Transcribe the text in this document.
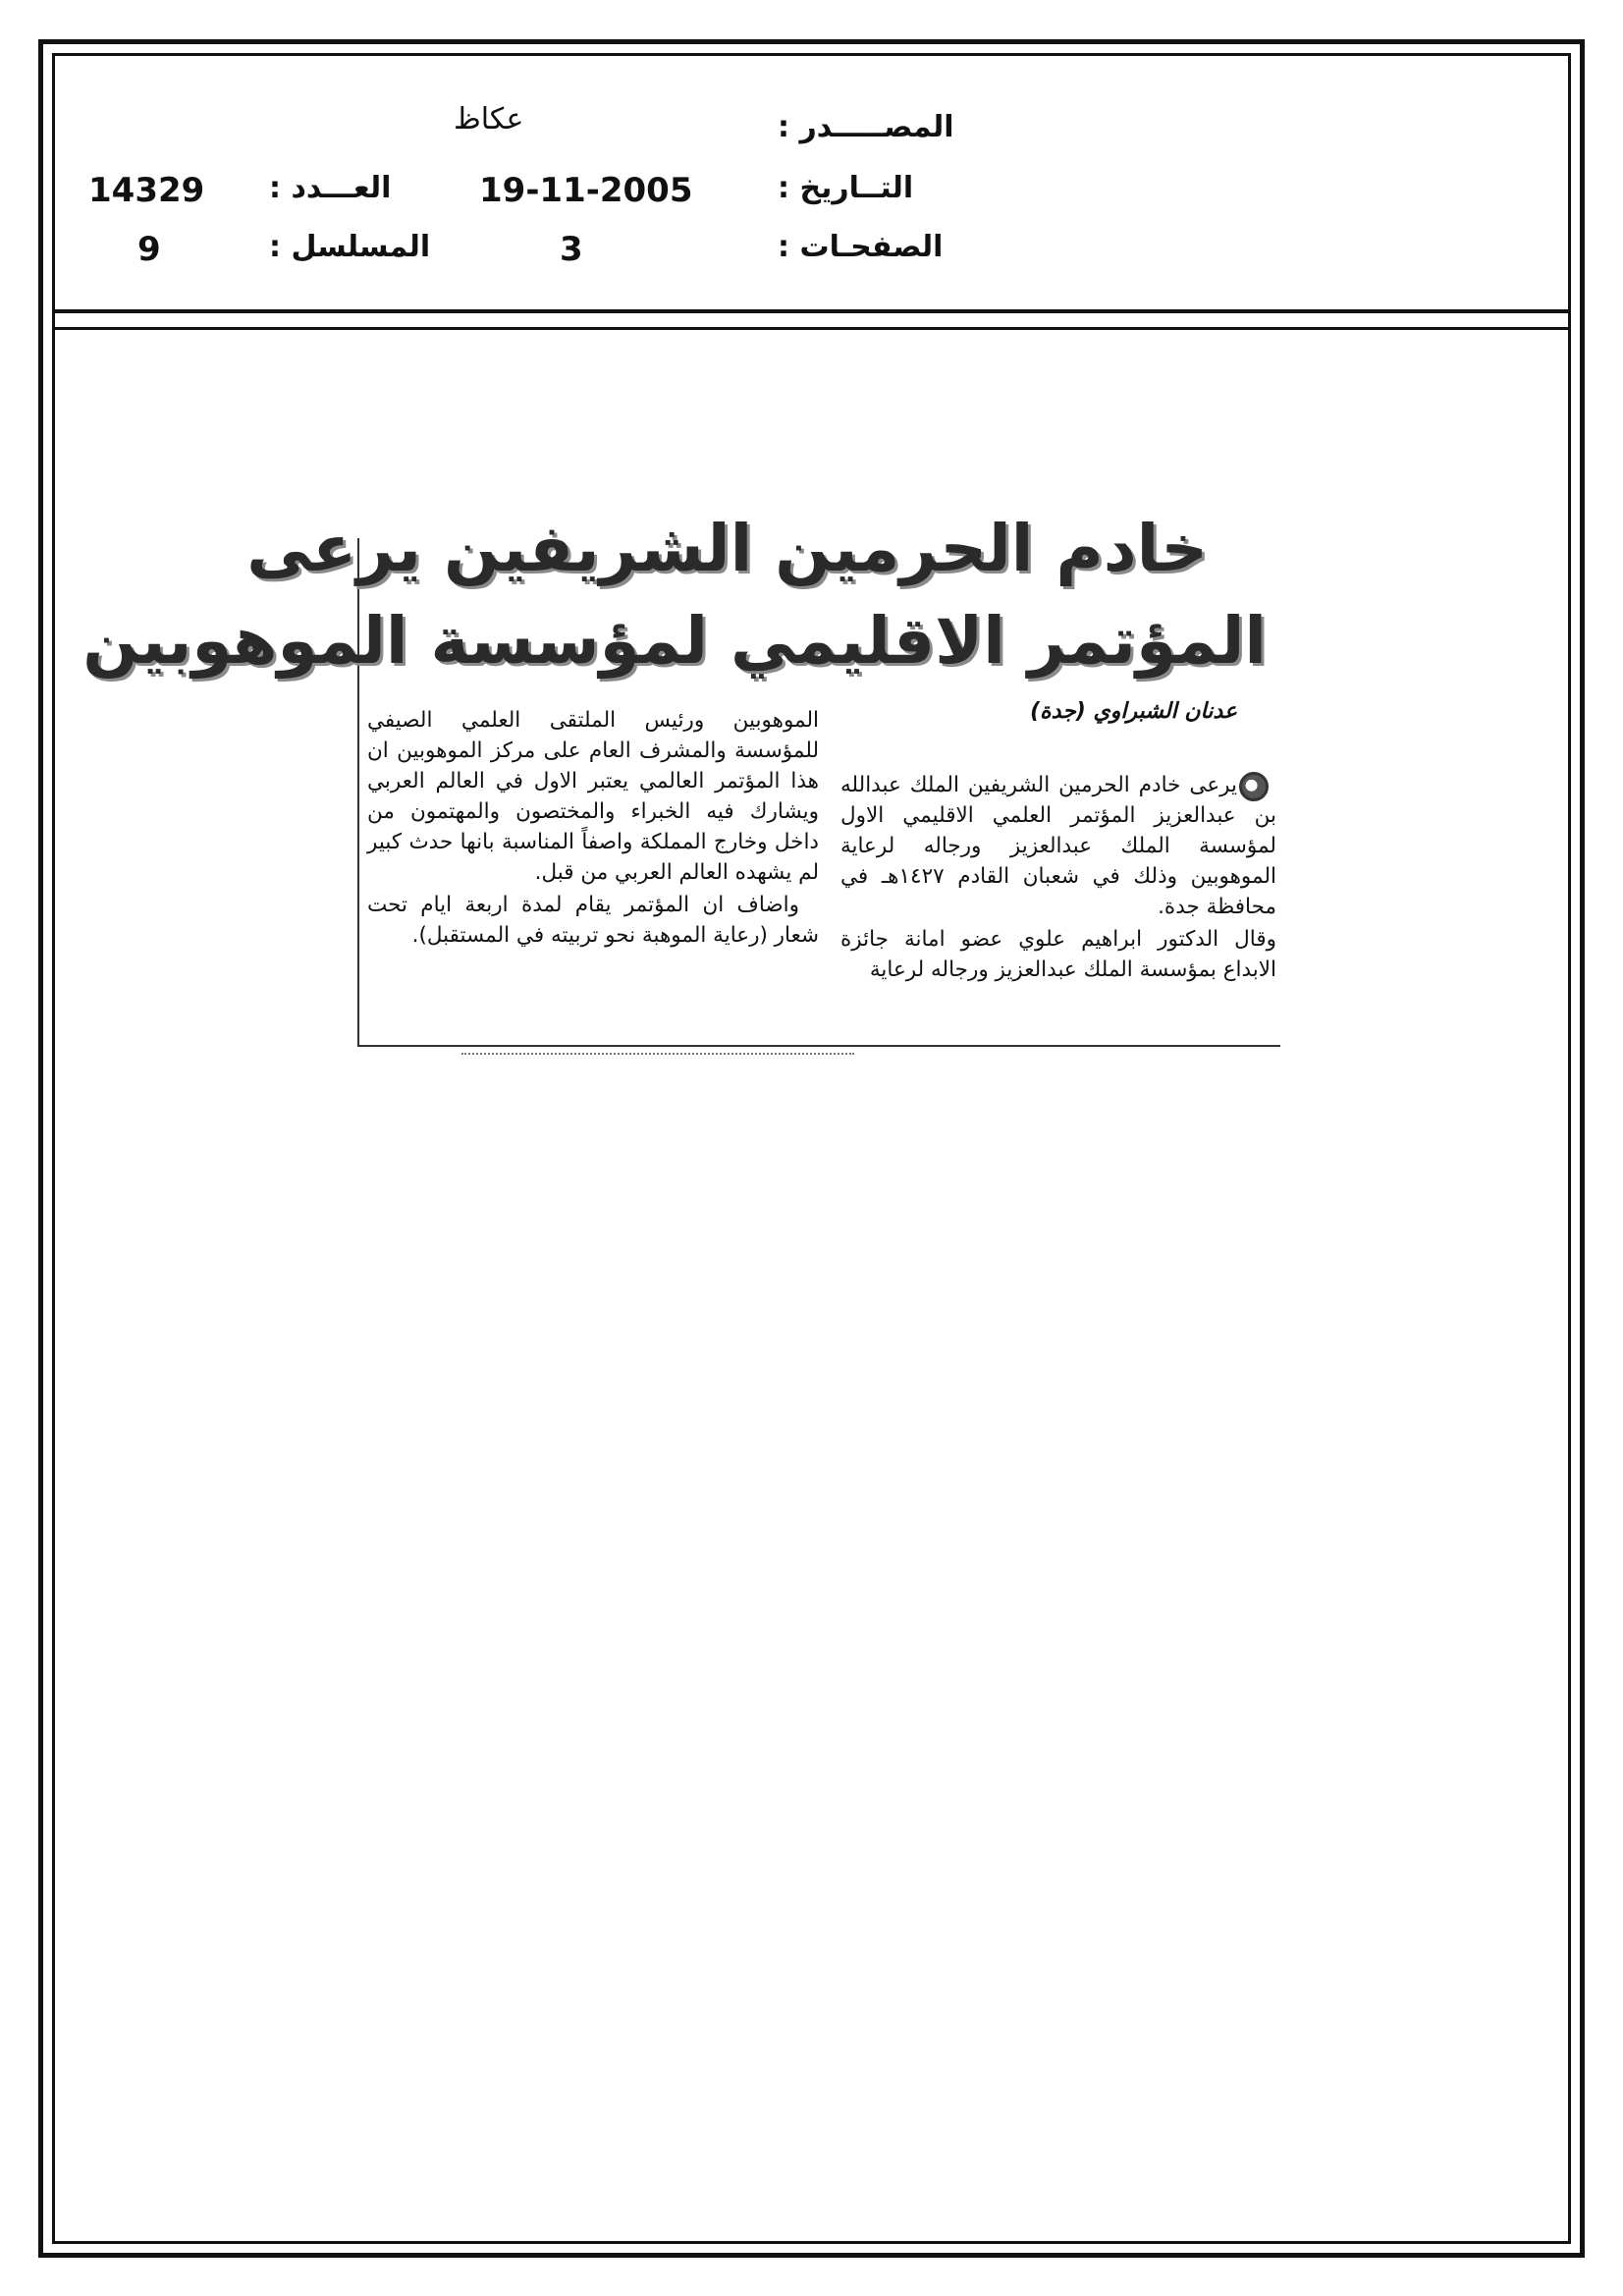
المصـــــدر :
عكاظ
التــاريخ :
19-11-2005
العـــدد :
14329
الصفحـات :
3
المسلسل :
9
خادم الحرمين الشريفين يرعى
المؤتمر الاقليمي لمؤسسة الموهوبين
عدنان الشبراوي (جدة)

يرعى خادم الحرمين الشريفين الملك عبدالله بن عبدالعزيز المؤتمر العلمي الاقليمي الاول لمؤسسة الملك عبدالعزيز ورجاله لرعاية الموهوبين وذلك في شعبان القادم ١٤٢٧هـ في محافظة جدة.

وقال الدكتور ابراهيم علوي عضو امانة جائزة الابداع بمؤسسة الملك عبدالعزيز ورجاله لرعاية

الموهوبين ورئيس الملتقى العلمي الصيفي للمؤسسة والمشرف العام على مركز الموهوبين ان هذا المؤتمر العالمي يعتبر الاول في العالم العربي ويشارك فيه الخبراء والمختصون والمهتمون من داخل وخارج المملكة واصفاً المناسبة بانها حدث كبير لم يشهده العالم العربي من قبل.

واضاف ان المؤتمر يقام لمدة اربعة ايام تحت شعار (رعاية الموهبة نحو تربيته في المستقبل).
